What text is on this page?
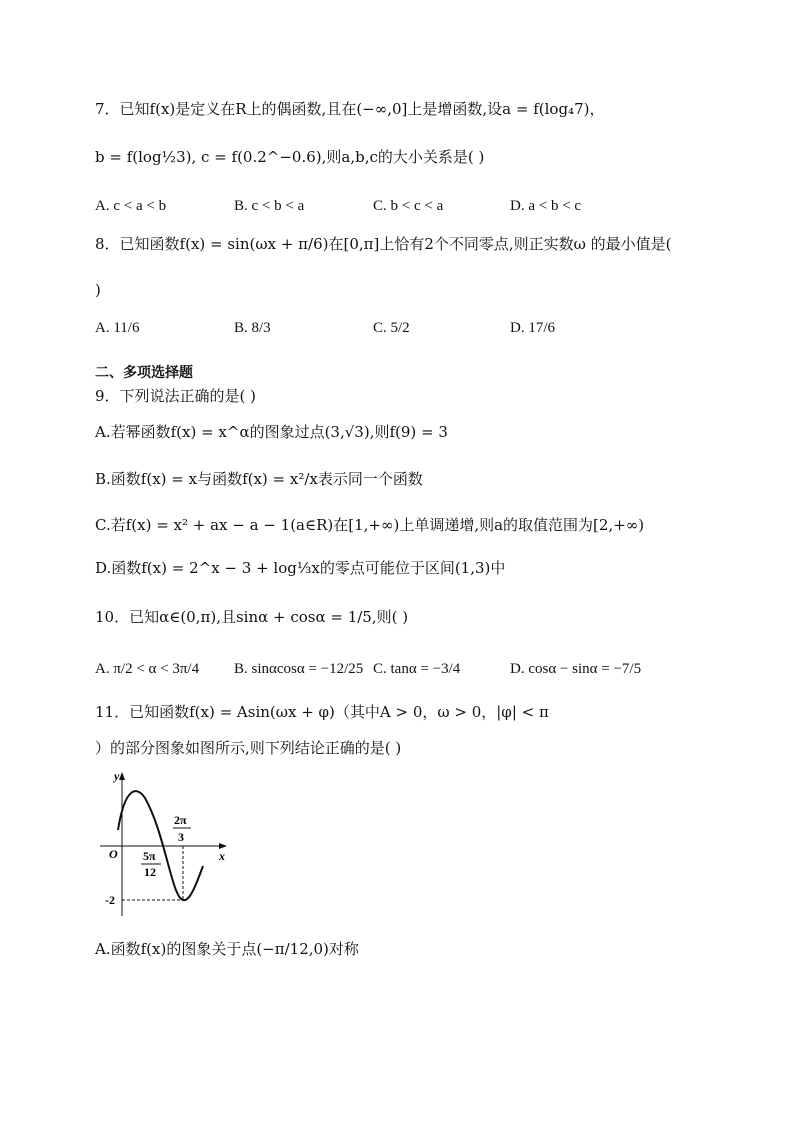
7．已知f(x)是定义在R上的偶函数,且在(−∞,0]上是增函数,设a = f(log₄7)，
b = f(log½3), c = f(0.2^−0.6),则a,b,c的大小关系是( )
A. c < a < b	B. c < b < a	C. b < c < a	D. a < b < c
8．已知函数f(x) = sin(ωx + π/6)在[0,π]上恰有2个不同零点,则正实数ω 的最小值是(
)
A. 11/6	B. 8/3	C. 5/2	D. 17/6
二、多项选择题
9．下列说法正确的是( )
A.若幂函数f(x) = x^α的图象过点(3,√3),则f(9) = 3
B.函数f(x) = x与函数f(x) = x²/x表示同一个函数
C.若f(x) = x² + ax − a − 1(a∈R)在[1,+∞)上单调递增,则a的取值范围为[2,+∞)
D.函数f(x) = 2^x − 3 + log⅓x的零点可能位于区间(1,3)中
10．已知α∈(0,π),且sinα + cosα = 1/5,则( )
A. π/2 < α < 3π/4 B. sinαcosα = −12/25 C. tanα = −3/4	D. cosα − sinα = −7/5
11．已知函数f(x) = Asin(ωx + φ)（其中A > 0，ω > 0，|φ| < π
）的部分图象如图所示,则下列结论正确的是( )
y
x
O
2π
3
5π
12
-2
A.函数f(x)的图象关于点(−π/12,0)对称
